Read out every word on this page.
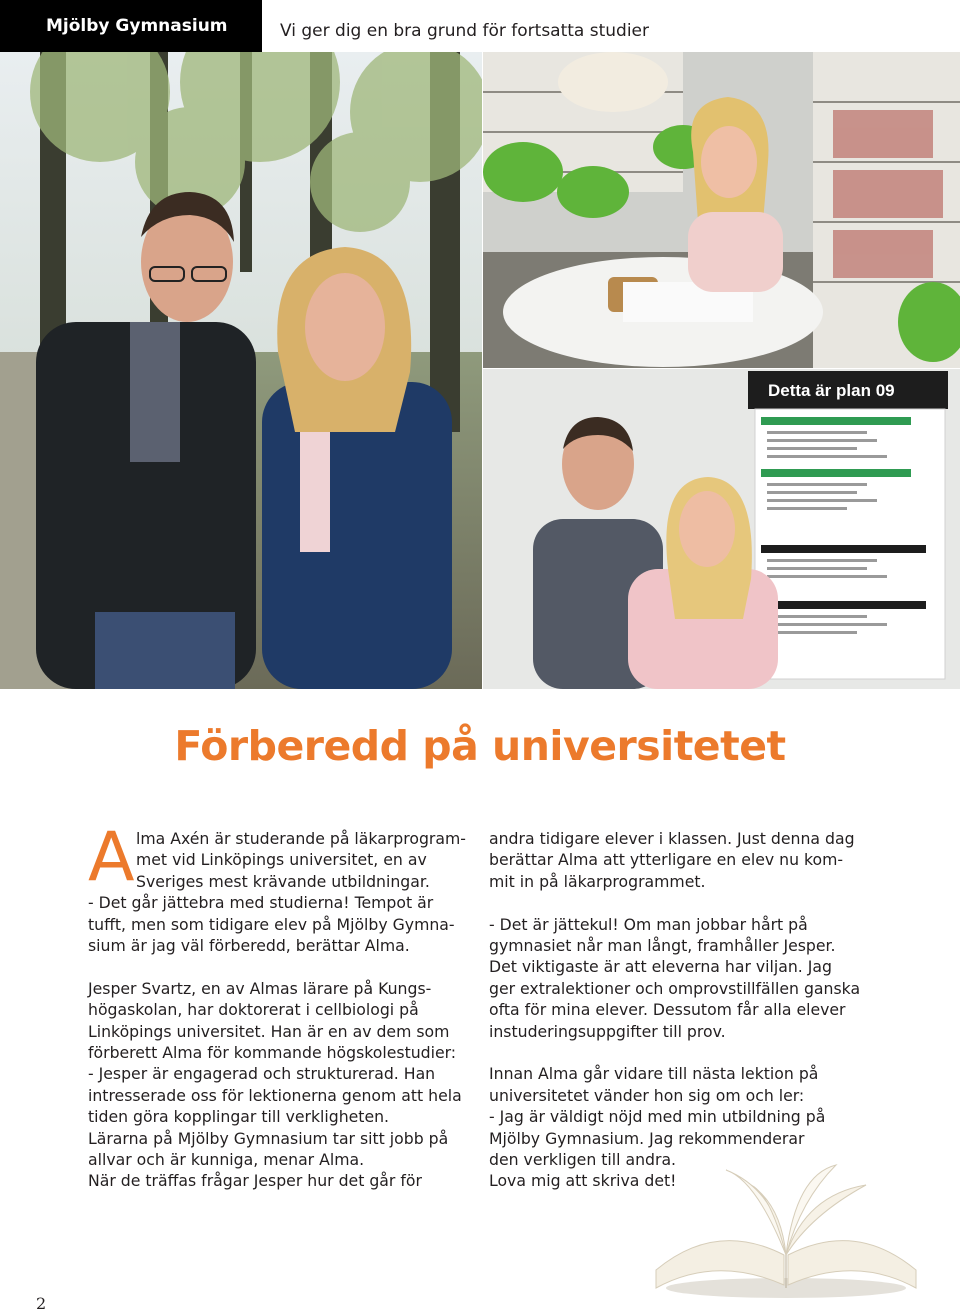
Mjölby Gymnasium	Vi ger dig en bra grund för fortsatta studier
Detta är plan 09
Förberedd på universitetet
A lma Axén är studerande på läkarprogram-

met vid Linköpings universitet, en av

Sveriges mest krävande utbildningar.

- Det går jättebra med studierna! Tempot är

tufft, men som tidigare elev på Mjölby Gymna-

sium är jag väl förberedd, berättar Alma.

Jesper Svartz, en av Almas lärare på Kungs-

högaskolan, har doktorerat i cellbiologi på

Linköpings universitet. Han är en av dem som

förberett Alma för kommande högskolestudier:

- Jesper är engagerad och strukturerad. Han

intresserade oss för lektionerna genom att hela

tiden göra kopplingar till verkligheten.

Lärarna på Mjölby Gymnasium tar sitt jobb på

allvar och är kunniga, menar Alma.

När de träffas frågar Jesper hur det går för

andra tidigare elever i klassen. Just denna dag

berättar Alma att ytterligare en elev nu kom-

mit in på läkarprogrammet.

- Det är jättekul! Om man jobbar hårt på

gymnasiet når man långt, framhåller Jesper.

Det viktigaste är att eleverna har viljan. Jag

ger extralektioner och omprovstillfällen ganska

ofta för mina elever. Dessutom får alla elever

instuderingsuppgifter till prov.

Innan Alma går vidare till nästa lektion på

universitetet vänder hon sig om och ler:

- Jag är väldigt nöjd med min utbildning på

Mjölby Gymnasium. Jag rekommenderar

den verkligen till andra.

Lova mig att skriva det!

2
